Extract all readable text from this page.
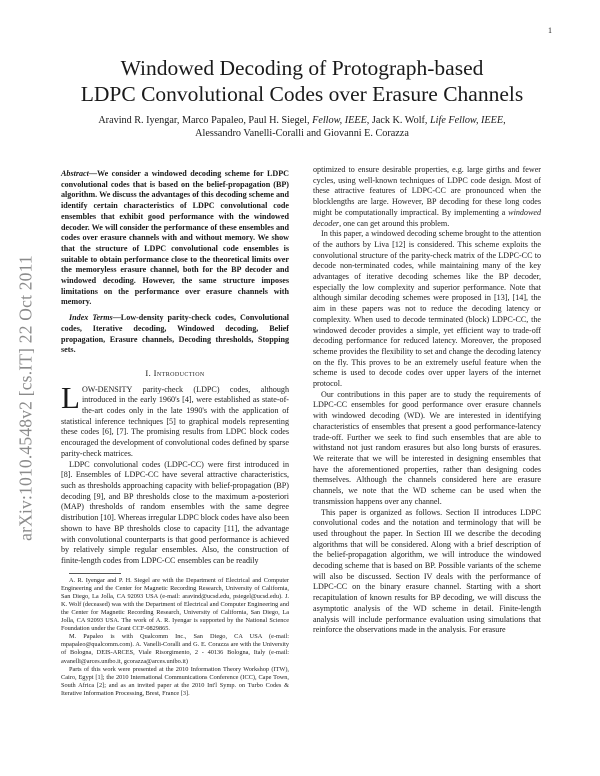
1
arXiv:1010.4548v2 [cs.IT] 22 Oct 2011
Windowed Decoding of Protograph-based
LDPC Convolutional Codes over Erasure Channels
Aravind R. Iyengar, Marco Papaleo, Paul H. Siegel, Fellow, IEEE, Jack K. Wolf, Life Fellow, IEEE,
Alessandro Vanelli-Coralli and Giovanni E. Corazza
Abstract—We consider a windowed decoding scheme for LDPC convolutional codes that is based on the belief-propagation (BP) algorithm. We discuss the advantages of this decoding scheme and identify certain characteristics of LDPC convolutional code ensembles that exhibit good performance with the windowed decoder. We will consider the performance of these ensembles and codes over erasure channels with and without memory. We show that the structure of LDPC convolutional code ensembles is suitable to obtain performance close to the theoretical limits over the memoryless erasure channel, both for the BP decoder and windowed decoding. However, the same structure imposes limitations on the performance over erasure channels with memory.
Index Terms—Low-density parity-check codes, Convolutional codes, Iterative decoding, Windowed decoding, Belief propagation, Erasure channels, Decoding thresholds, Stopping sets.
I. Introduction

LOW-DENSITY parity-check (LDPC) codes, although introduced in the early 1960's [4], were established as state-of-the-art codes only in the late 1990's with the application of statistical inference techniques [5] to graphical models representing these codes [6], [7]. The promising results from LDPC block codes encouraged the development of convolutional codes defined by sparse parity-check matrices.

LDPC convolutional codes (LDPC-CC) were first introduced in [8]. Ensembles of LDPC-CC have several attractive characteristics, such as thresholds approaching capacity with belief-propagation (BP) decoding [9], and BP thresholds close to the maximum a-posteriori (MAP) thresholds of random ensembles with the same degree distribution [10]. Whereas irregular LDPC block codes have also been shown to have BP thresholds close to capacity [11], the advantage with convolutional counterparts is that good performance is achieved by relatively simple regular ensembles. Also, the construction of finite-length codes from LDPC-CC ensembles can be readily

A. R. Iyengar and P. H. Siegel are with the Department of Electrical and Computer Engineering and the Center for Magnetic Recording Research, University of California, San Diego, La Jolla, CA 92093 USA (e-mail: aravind@ucsd.edu, psiegel@ucsd.edu). J. K. Wolf (deceased) was with the Department of Electrical and Computer Engineering and the Center for Magnetic Recording Research, University of California, San Diego, La Jolla, CA 92093 USA. The work of A. R. Iyengar is supported by the National Science Foundation under the Grant CCF-0829865.

M. Papaleo is with Qualcomm Inc., San Diego, CA USA (e-mail: mpapaleo@qualcomm.com). A. Vanelli-Coralli and G. E. Corazza are with the University of Bologna, DEIS-ARCES, Viale Risorgimento, 2 - 40136 Bologna, Italy (e-mail: avanelli@arces.unibo.it, gcorazza@arces.unibo.it)

Parts of this work were presented at the 2010 Information Theory Workshop (ITW), Cairo, Egypt [1]; the 2010 International Communications Conference (ICC), Cape Town, South Africa [2]; and as an invited paper at the 2010 Int'l Symp. on Turbo Codes & Iterative Information Processing, Brest, France [3].

optimized to ensure desirable properties, e.g. large girths and fewer cycles, using well-known techniques of LDPC code design. Most of these attractive features of LDPC-CC are pronounced when the blocklengths are large. However, BP decoding for these long codes might be computationally impractical. By implementing a windowed decoder, one can get around this problem.

In this paper, a windowed decoding scheme brought to the attention of the authors by Liva [12] is considered. This scheme exploits the convolutional structure of the parity-check matrix of the LDPC-CC to decode non-terminated codes, while maintaining many of the key advantages of iterative decoding schemes like the BP decoder, especially the low complexity and superior performance. Note that although similar decoding schemes were proposed in [13], [14], the aim in these papers was not to reduce the decoding latency or complexity. When used to decode terminated (block) LDPC-CC, the windowed decoder provides a simple, yet efficient way to trade-off decoding performance for reduced latency. Moreover, the proposed scheme provides the flexibility to set and change the decoding latency on the fly. This proves to be an extremely useful feature when the scheme is used to decode codes over upper layers of the internet protocol.

Our contributions in this paper are to study the requirements of LDPC-CC ensembles for good performance over erasure channels with windowed decoding (WD). We are interested in identifying characteristics of ensembles that present a good performance-latency trade-off. Further we seek to find such ensembles that are able to withstand not just random erasures but also long bursts of erasures. We reiterate that we will be interested in designing ensembles that have the aforementioned properties, rather than designing codes themselves. Although the channels considered here are erasure channels, we note that the WD scheme can be used when the transmission happens over any channel.

This paper is organized as follows. Section II introduces LDPC convolutional codes and the notation and terminology that will be used throughout the paper. In Section III we describe the decoding algorithms that will be considered. Along with a brief description of the belief-propagation algorithm, we will introduce the windowed decoding scheme that is based on BP. Possible variants of the scheme will also be discussed. Section IV deals with the performance of LDPC-CC on the binary erasure channel. Starting with a short recapitulation of known results for BP decoding, we will discuss the asymptotic analysis of the WD scheme in detail. Finite-length analysis will include performance evaluation using simulations that reinforce the observations made in the analysis. For erasure
